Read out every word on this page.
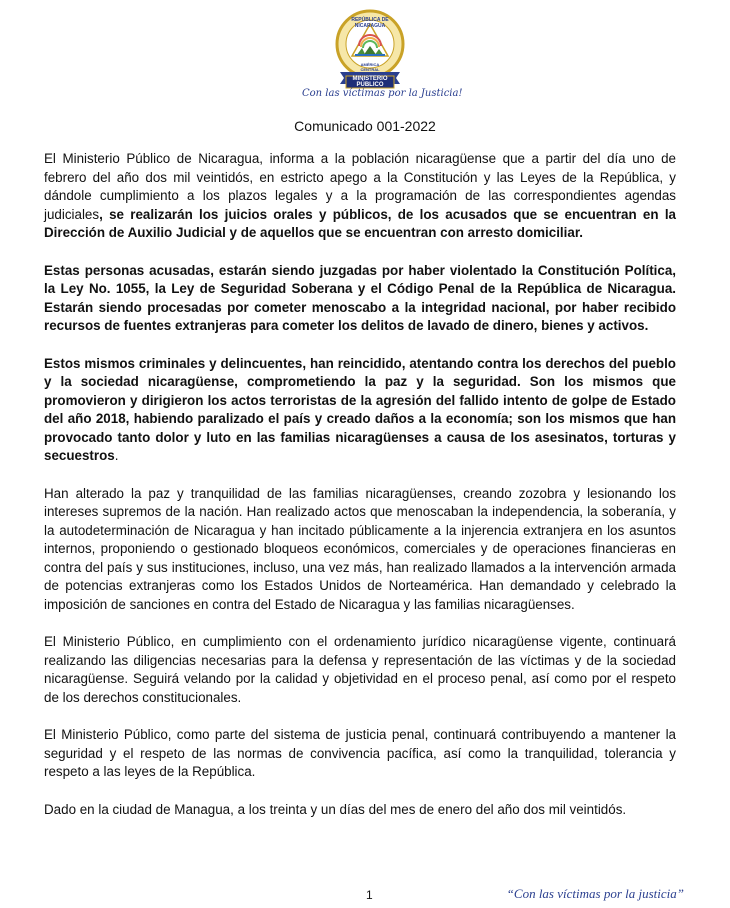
REPÚBLICA DE NICARAGUA
AMÉRICA CENTRAL
MINISTERIO
PÚBLICO
Con las víctimas por la Justicia!
Comunicado 001-2022

El Ministerio Público de Nicaragua, informa a la población nicaragüense que a partir del día uno de febrero del año dos mil veintidós, en estricto apego a la Constitución y las Leyes de la República, y dándole cumplimiento a los plazos legales y a la programación de las correspondientes agendas judiciales, se realizarán los juicios orales y públicos, de los acusados que se encuentran en la Dirección de Auxilio Judicial y de aquellos que se encuentran con arresto domiciliar.

Estas personas acusadas, estarán siendo juzgadas por haber violentado la Constitución Política, la Ley No. 1055, la Ley de Seguridad Soberana y el Código Penal de la República de Nicaragua. Estarán siendo procesadas por cometer menoscabo a la integridad nacional, por haber recibido recursos de fuentes extranjeras para cometer los delitos de lavado de dinero, bienes y activos.

Estos mismos criminales y delincuentes, han reincidido, atentando contra los derechos del pueblo y la sociedad nicaragüense, comprometiendo la paz y la seguridad. Son los mismos que promovieron y dirigieron los actos terroristas de la agresión del fallido intento de golpe de Estado del año 2018, habiendo paralizado el país y creado daños a la economía; son los mismos que han provocado tanto dolor y luto en las familias nicaragüenses a causa de los asesinatos, torturas y secuestros.

Han alterado la paz y tranquilidad de las familias nicaragüenses, creando zozobra y lesionando los intereses supremos de la nación. Han realizado actos que menoscaban la independencia, la soberanía, y la autodeterminación de Nicaragua y han incitado públicamente a la injerencia extranjera en los asuntos internos, proponiendo o gestionado bloqueos económicos, comerciales y de operaciones financieras en contra del país y sus instituciones, incluso, una vez más, han realizado llamados a la intervención armada de potencias extranjeras como los Estados Unidos de Norteamérica. Han demandado y celebrado la imposición de sanciones en contra del Estado de Nicaragua y las familias nicaragüenses.

El Ministerio Público, en cumplimiento con el ordenamiento jurídico nicaragüense vigente, continuará realizando las diligencias necesarias para la defensa y representación de las víctimas y de la sociedad nicaragüense. Seguirá velando por la calidad y objetividad en el proceso penal, así como por el respeto de los derechos constitucionales.

El Ministerio Público, como parte del sistema de justicia penal, continuará contribuyendo a mantener la seguridad y el respeto de las normas de convivencia pacífica, así como la tranquilidad, tolerancia y respeto a las leyes de la República.

Dado en la ciudad de Managua, a los treinta y un días del mes de enero del año dos mil veintidós.

1	“Con las víctimas por la justicia”
